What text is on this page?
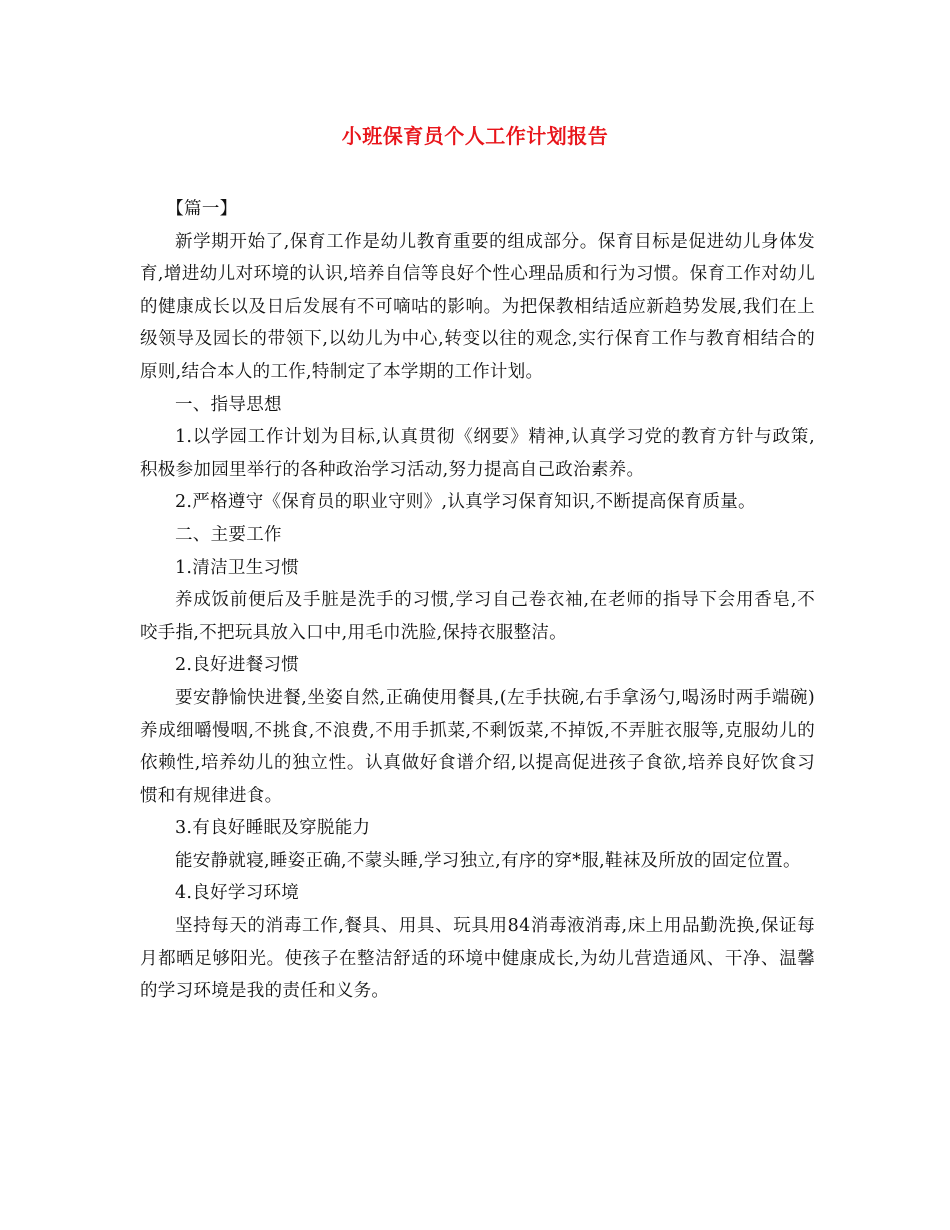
小班保育员个人工作计划报告

【篇一】

新学期开始了,保育工作是幼儿教育重要的组成部分。保育目标是促进幼儿身体发育,增进幼儿对环境的认识,培养自信等良好个性心理品质和行为习惯。保育工作对幼儿的健康成长以及日后发展有不可嘀咕的影响。为把保教相结适应新趋势发展,我们在上级领导及园长的带领下,以幼儿为中心,转变以往的观念,实行保育工作与教育相结合的原则,结合本人的工作,特制定了本学期的工作计划。

一、指导思想

1.以学园工作计划为目标,认真贯彻《纲要》精神,认真学习党的教育方针与政策,积极参加园里举行的各种政治学习活动,努力提高自己政治素养。

2.严格遵守《保育员的职业守则》,认真学习保育知识,不断提高保育质量。

二、主要工作

1.清洁卫生习惯

养成饭前便后及手脏是洗手的习惯,学习自己卷衣袖,在老师的指导下会用香皂,不咬手指,不把玩具放入口中,用毛巾洗脸,保持衣服整洁。

2.良好进餐习惯

要安静愉快进餐,坐姿自然,正确使用餐具,(左手扶碗,右手拿汤勺,喝汤时两手端碗)养成细嚼慢咽,不挑食,不浪费,不用手抓菜,不剩饭菜,不掉饭,不弄脏衣服等,克服幼儿的依赖性,培养幼儿的独立性。认真做好食谱介绍,以提高促进孩子食欲,培养良好饮食习惯和有规律进食。

3.有良好睡眠及穿脱能力

能安静就寝,睡姿正确,不蒙头睡,学习独立,有序的穿*服,鞋袜及所放的固定位置。

4.良好学习环境

坚持每天的消毒工作,餐具、用具、玩具用84消毒液消毒,床上用品勤洗换,保证每月都晒足够阳光。使孩子在整洁舒适的环境中健康成长,为幼儿营造通风、干净、温馨的学习环境是我的责任和义务。
